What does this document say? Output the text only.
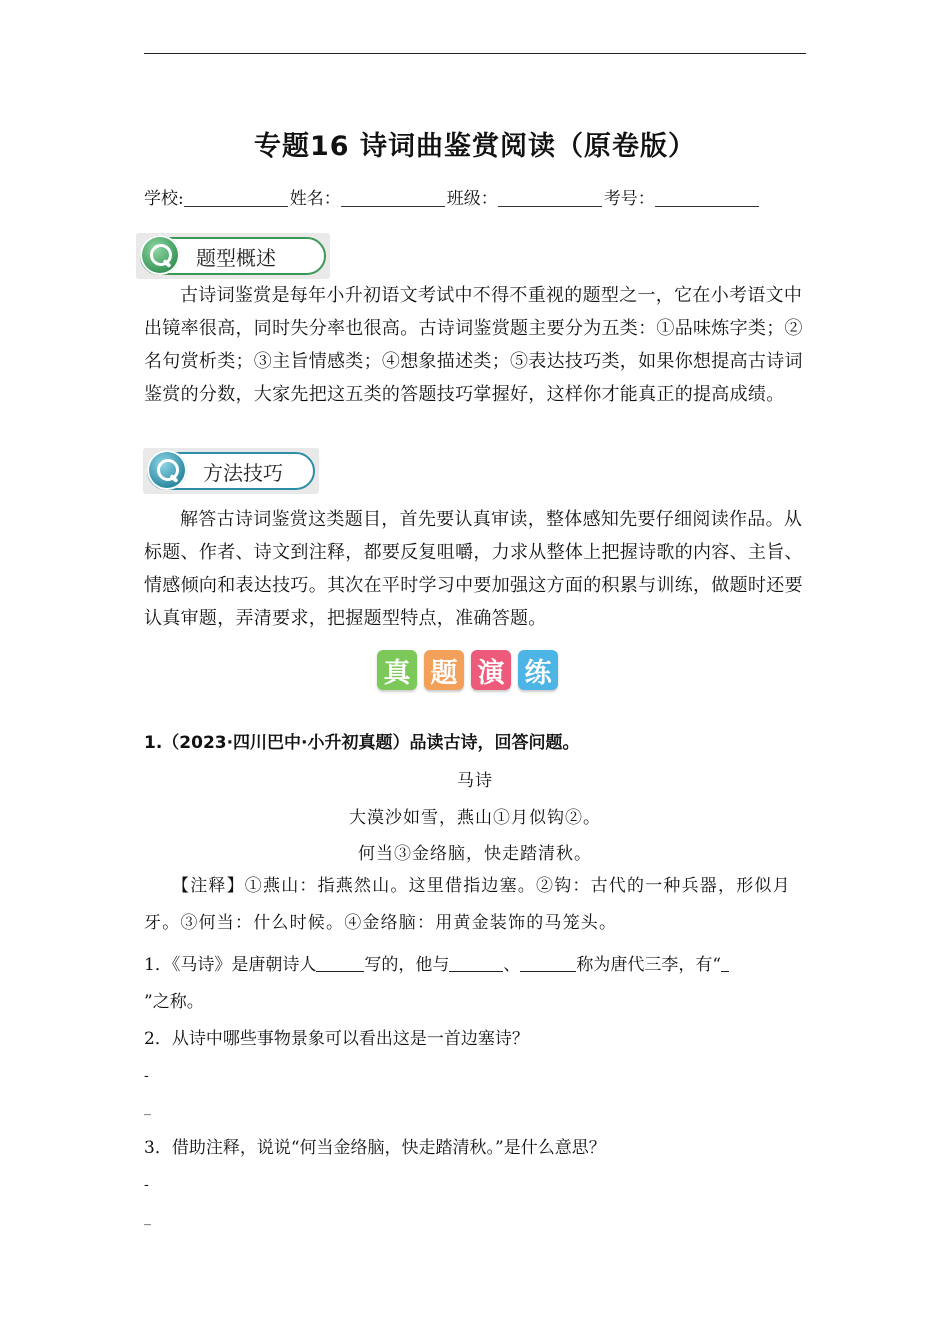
专题16 诗词曲鉴赏阅读（原卷版）
学校:	姓名：	班级：	考号：
题型概述

古诗词鉴赏是每年小升初语文考试中不得不重视的题型之一，它在小考语文中出镜率很高，同时失分率也很高。古诗词鉴赏题主要分为五类：①品味炼字类；②名句赏析类；③主旨情感类；④想象描述类；⑤表达技巧类，如果你想提高古诗词鉴赏的分数，大家先把这五类的答题技巧掌握好，这样你才能真正的提高成绩。

方法技巧

解答古诗词鉴赏这类题目，首先要认真审读，整体感知先要仔细阅读作品。从标题、作者、诗文到注释，都要反复咀嚼，力求从整体上把握诗歌的内容、主旨、情感倾向和表达技巧。其次在平时学习中要加强这方面的积累与训练，做题时还要认真审题，弄清要求，把握题型特点，准确答题。

真 题 演 练
1.（2023·四川巴中·小升初真题）品读古诗，回答问题。
马诗
大漠沙如雪，燕山①月似钩②。
何当③金络脑，快走踏清秋。

【注释】①燕山：指燕然山。这里借指边塞。②钩：古代的一种兵器，形似月牙。③何当：什么时候。④金络脑：用黄金装饰的马笼头。

1．《马诗》是唐朝诗人	写的，他与	、	称为唐代三李，有“
”之称。
2．从诗中哪些事物景象可以看出这是一首边塞诗？
-
_
3．借助注释，说说“何当金络脑，快走踏清秋。”是什么意思？
-
_
